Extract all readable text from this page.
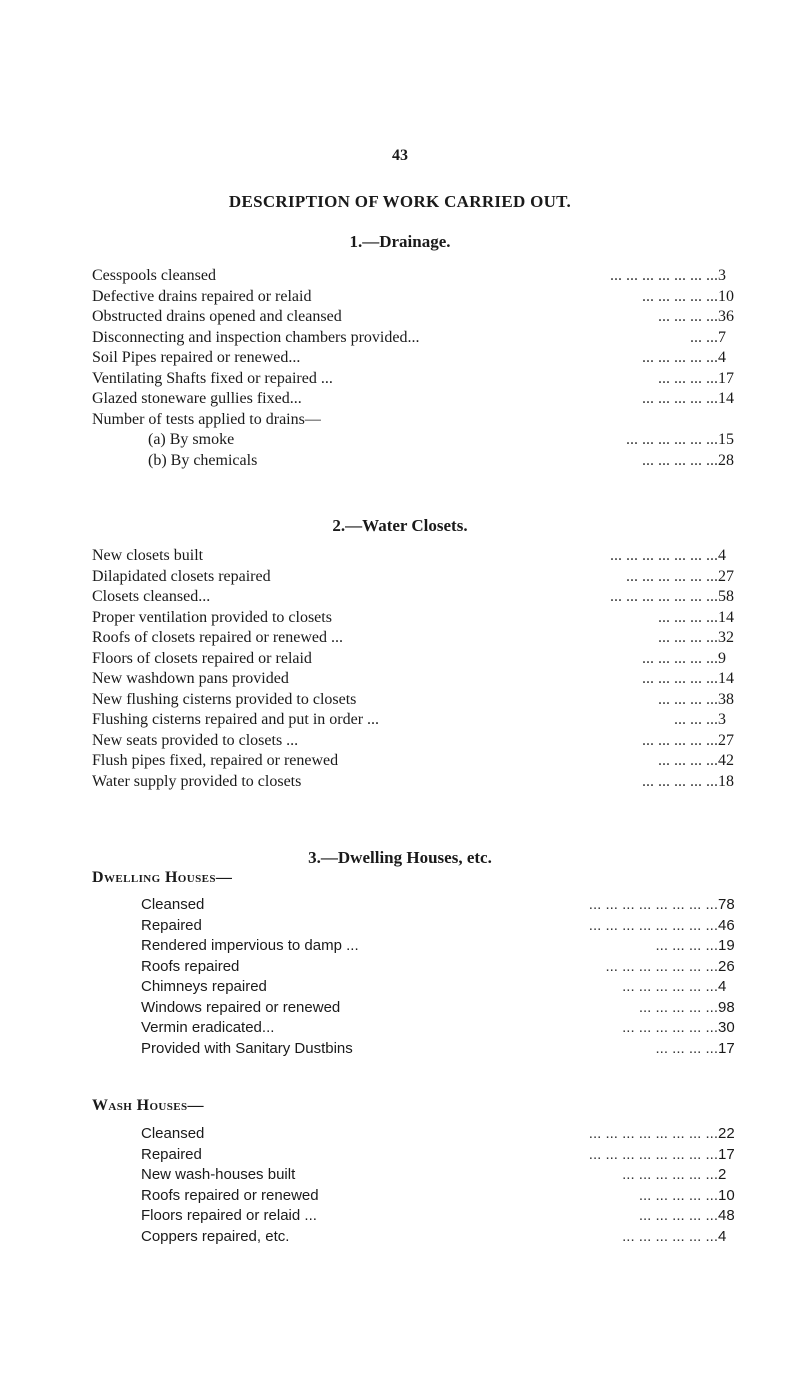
43
DESCRIPTION OF WORK CARRIED OUT.
1.—Drainage.
Cesspools cleansed	... ... ... ... ... ... ... 3
Defective drains repaired or relaid	... ... ... ... ... 10
Obstructed drains opened and cleansed	... ... ... ... 36
Disconnecting and inspection chambers provided...	... ... 7
Soil Pipes repaired or renewed...	... ... ... ... ... 4
Ventilating Shafts fixed or repaired ...	... ... ... ... 17
Glazed stoneware gullies fixed...	... ... ... ... ... 14
Number of tests applied to drains—
(a) By smoke	... ... ... ... ... ... 15
(b) By chemicals	... ... ... ... ... 28
2.—Water Closets.
New closets built	... ... ... ... ... ... ... 4
Dilapidated closets repaired	... ... ... ... ... ... 27
Closets cleansed...	... ... ... ... ... ... ... 58
Proper ventilation provided to closets	... ... ... ... 14
Roofs of closets repaired or renewed ...	... ... ... ... 32
Floors of closets repaired or relaid	... ... ... ... ... 9
New washdown pans provided	... ... ... ... ... 14
New flushing cisterns provided to closets	... ... ... ... 38
Flushing cisterns repaired and put in order ...	... ... ... 3
New seats provided to closets ...	... ... ... ... ... 27
Flush pipes fixed, repaired or renewed	... ... ... ... 42
Water supply provided to closets	... ... ... ... ... 18
3.—Dwelling Houses, etc.
Dwelling Houses—
Cleansed	... ... ... ... ... ... ... ... 78
Repaired	... ... ... ... ... ... ... ... 46
Rendered impervious to damp ...	... ... ... ... 19
Roofs repaired	... ... ... ... ... ... ... 26
Chimneys repaired	... ... ... ... ... ... 4
Windows repaired or renewed	... ... ... ... ... 98
Vermin eradicated...	... ... ... ... ... ... 30
Provided with Sanitary Dustbins	... ... ... ... 17
Wash Houses—
Cleansed	... ... ... ... ... ... ... ... 22
Repaired	... ... ... ... ... ... ... ... 17
New wash-houses built	... ... ... ... ... ... 2
Roofs repaired or renewed	... ... ... ... ... 10
Floors repaired or relaid ...	... ... ... ... ... 48
Coppers repaired, etc.	... ... ... ... ... ... 4
